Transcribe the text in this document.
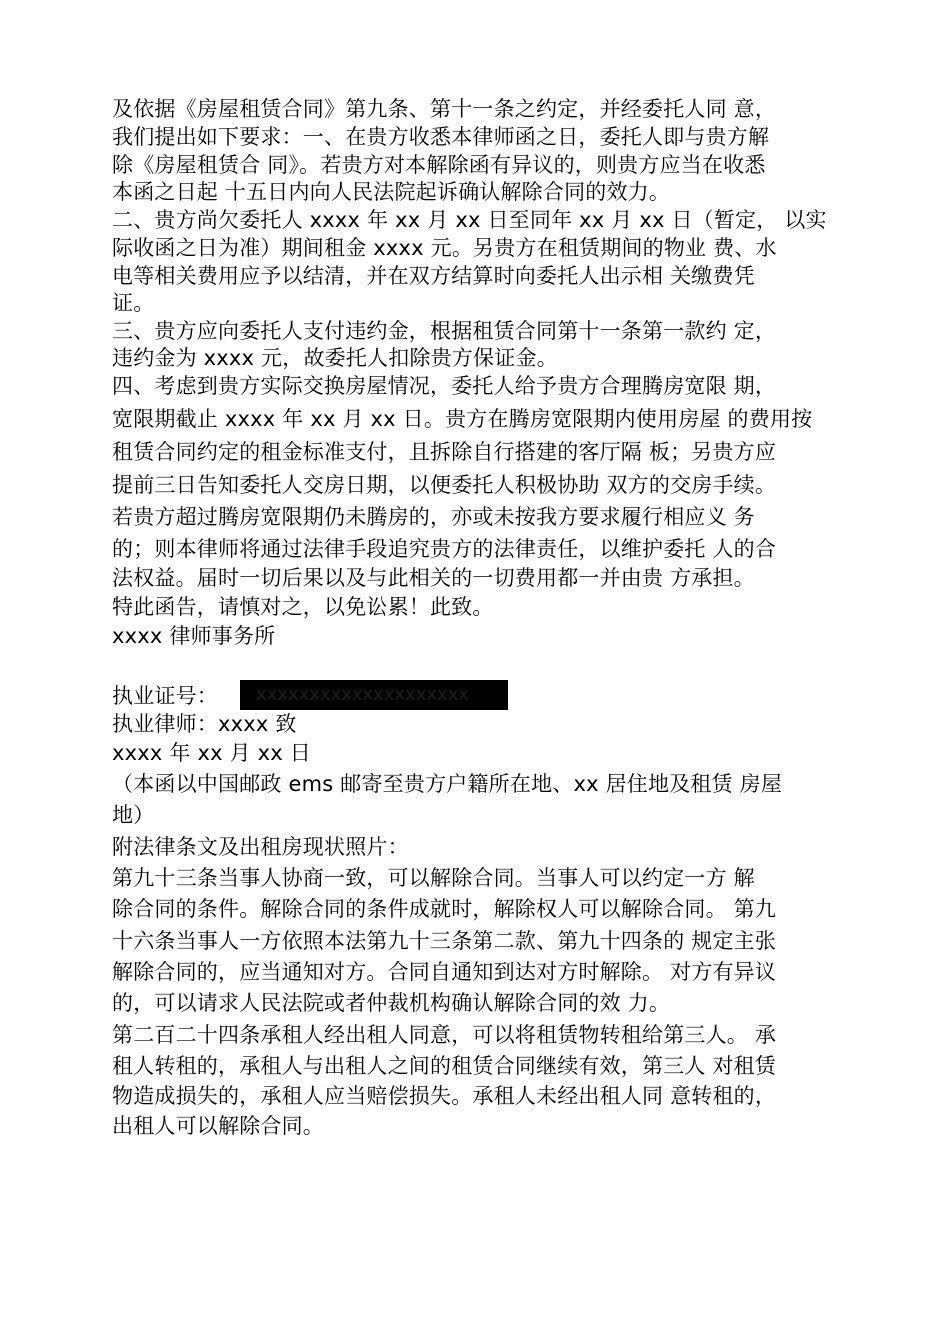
及依据《房屋租赁合同》第九条、第十一条之约定，并经委托人同 意，
我们提出如下要求：一、在贵方收悉本律师函之日，委托人即与贵方解
除《房屋租赁合 同》。若贵方对本解除函有异议的，则贵方应当在收悉
本函之日起 十五日内向人民法院起诉确认解除合同的效力。
二、贵方尚欠委托人 xxxx 年 xx 月 xx 日至同年 xx 月 xx 日（暂定， 以实
际收函之日为准）期间租金 xxxx 元。另贵方在租赁期间的物业 费、水
电等相关费用应予以结清，并在双方结算时向委托人出示相 关缴费凭
证。
三、贵方应向委托人支付违约金，根据租赁合同第十一条第一款约 定，
违约金为 xxxx 元，故委托人扣除贵方保证金。
四、考虑到贵方实际交换房屋情况，委托人给予贵方合理腾房宽限 期，
宽限期截止 xxxx 年 xx 月 xx 日。贵方在腾房宽限期内使用房屋 的费用按
租赁合同约定的租金标准支付，且拆除自行搭建的客厅隔 板；另贵方应
提前三日告知委托人交房日期，以便委托人积极协助 双方的交房手续。
若贵方超过腾房宽限期仍未腾房的，亦或未按我方要求履行相应义 务
的；则本律师将通过法律手段追究贵方的法律责任，以维护委托 人的合
法权益。届时一切后果以及与此相关的一切费用都一并由贵 方承担。
特此函告，请慎对之，以免讼累！此致。
xxxx 律师事务所
执业证号：	xxxxxxxxxxxxxxxxxxxx
执业律师：xxxx 致
xxxx 年 xx 月 xx 日
（本函以中国邮政 ems 邮寄至贵方户籍所在地、xx 居住地及租赁 房屋
地）
附法律条文及出租房现状照片：
第九十三条当事人协商一致，可以解除合同。当事人可以约定一方 解
除合同的条件。解除合同的条件成就时，解除权人可以解除合同。 第九
十六条当事人一方依照本法第九十三条第二款、第九十四条的 规定主张
解除合同的，应当通知对方。合同自通知到达对方时解除。 对方有异议
的，可以请求人民法院或者仲裁机构确认解除合同的效 力。
第二百二十四条承租人经出租人同意，可以将租赁物转租给第三人。 承
租人转租的，承租人与出租人之间的租赁合同继续有效，第三人 对租赁
物造成损失的，承租人应当赔偿损失。承租人未经出租人同 意转租的，
出租人可以解除合同。
